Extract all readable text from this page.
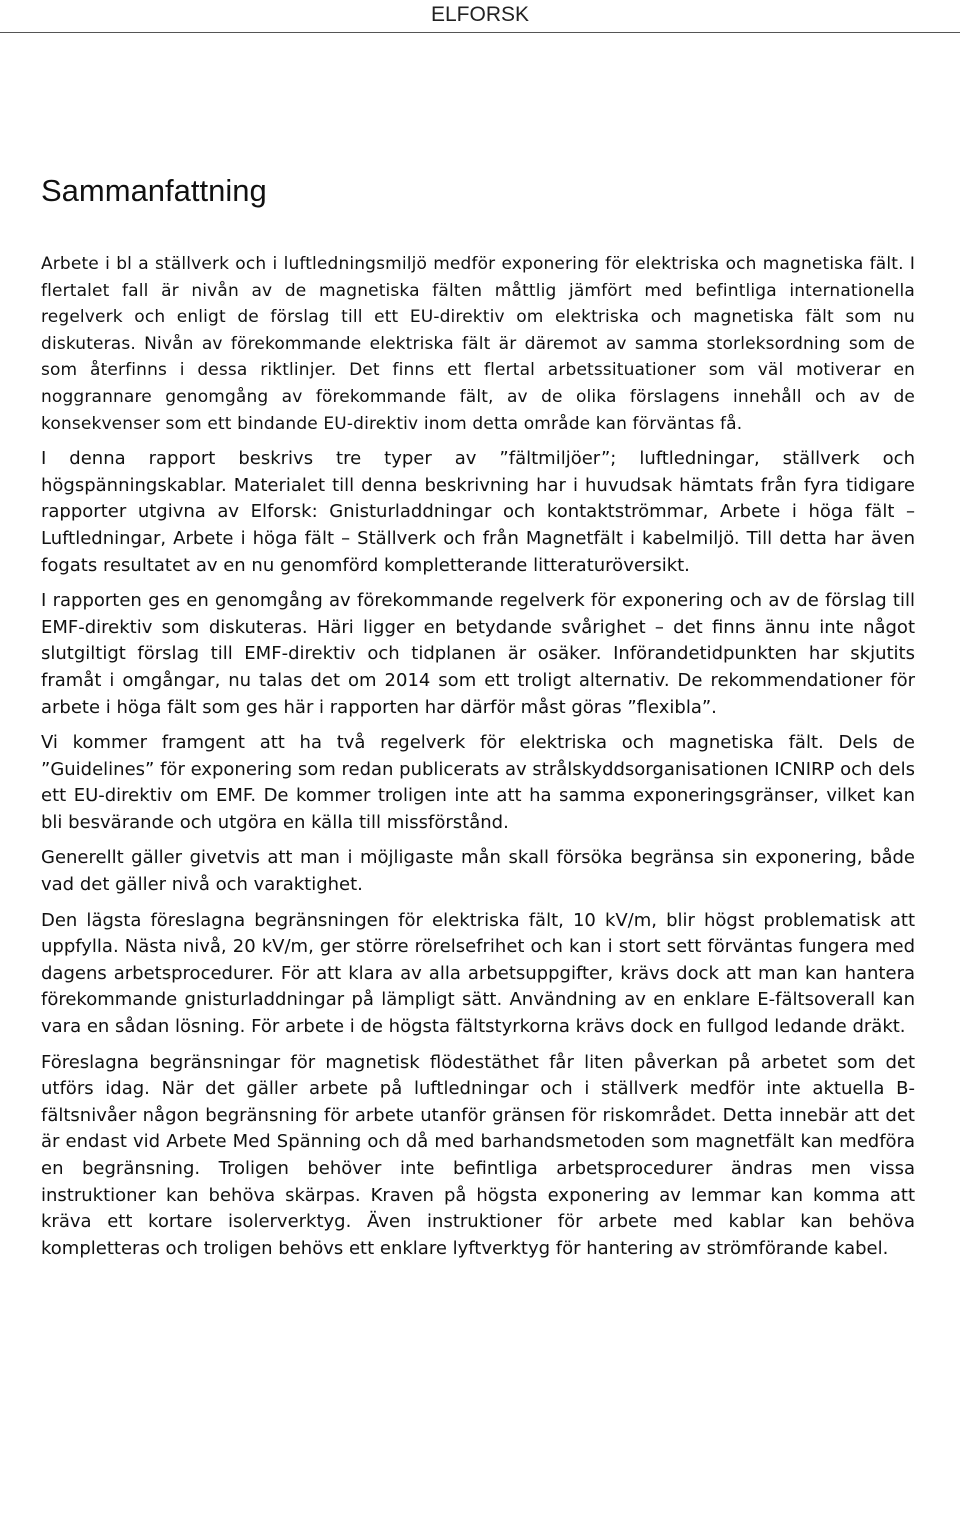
ELFORSK
Sammanfattning

Arbete i bl a ställverk och i luftledningsmiljö medför exponering för elektriska och magnetiska fält. I flertalet fall är nivån av de magnetiska fälten måttlig jämfört med befintliga internationella regelverk och enligt de förslag till ett EU-direktiv om elektriska och magnetiska fält som nu diskuteras. Nivån av förekommande elektriska fält är däremot av samma storleksordning som de som återfinns i dessa riktlinjer. Det finns ett flertal arbetssituationer som väl motiverar en noggrannare genomgång av förekommande fält, av de olika förslagens innehåll och av de konsekvenser som ett bindande EU-direktiv inom detta område kan förväntas få.

I denna rapport beskrivs tre typer av ”fältmiljöer”; luftledningar, ställverk och högspänningskablar. Materialet till denna beskrivning har i huvudsak hämtats från fyra tidigare rapporter utgivna av Elforsk: Gnisturladdningar och kontaktströmmar, Arbete i höga fält – Luftledningar, Arbete i höga fält – Ställverk och från Magnetfält i kabelmiljö. Till detta har även fogats resultatet av en nu genomförd kompletterande litteraturöversikt.

I rapporten ges en genomgång av förekommande regelverk för exponering och av de förslag till EMF-direktiv som diskuteras. Häri ligger en betydande svårighet – det finns ännu inte något slutgiltigt förslag till EMF-direktiv och tidplanen är osäker. Införandetidpunkten har skjutits framåt i omgångar, nu talas det om 2014 som ett troligt alternativ. De rekommendationer för arbete i höga fält som ges här i rapporten har därför måst göras ”flexibla”.

Vi kommer framgent att ha två regelverk för elektriska och magnetiska fält. Dels de ”Guidelines” för exponering som redan publicerats av strålskyddsorganisationen ICNIRP och dels ett EU-direktiv om EMF. De kommer troligen inte att ha samma exponeringsgränser, vilket kan bli besvärande och utgöra en källa till missförstånd.

Generellt gäller givetvis att man i möjligaste mån skall försöka begränsa sin exponering, både vad det gäller nivå och varaktighet.

Den lägsta föreslagna begränsningen för elektriska fält, 10 kV/m, blir högst problematisk att uppfylla. Nästa nivå, 20 kV/m, ger större rörelsefrihet och kan i stort sett förväntas fungera med dagens arbetsprocedurer. För att klara av alla arbetsuppgifter, krävs dock att man kan hantera förekommande gnisturladdningar på lämpligt sätt. Användning av en enklare E-fältsoverall kan vara en sådan lösning. För arbete i de högsta fältstyrkorna krävs dock en fullgod ledande dräkt.

Föreslagna begränsningar för magnetisk flödestäthet får liten påverkan på arbetet som det utförs idag. När det gäller arbete på luftledningar och i ställverk medför inte aktuella B-fältsnivåer någon begränsning för arbete utanför gränsen för riskområdet. Detta innebär att det är endast vid Arbete Med Spänning och då med barhandsmetoden som magnetfält kan medföra en begränsning. Troligen behöver inte befintliga arbetsprocedurer ändras men vissa instruktioner kan behöva skärpas. Kraven på högsta exponering av lemmar kan komma att kräva ett kortare isolerverktyg. Även instruktioner för arbete med kablar kan behöva kompletteras och troligen behövs ett enklare lyftverktyg för hantering av strömförande kabel.
